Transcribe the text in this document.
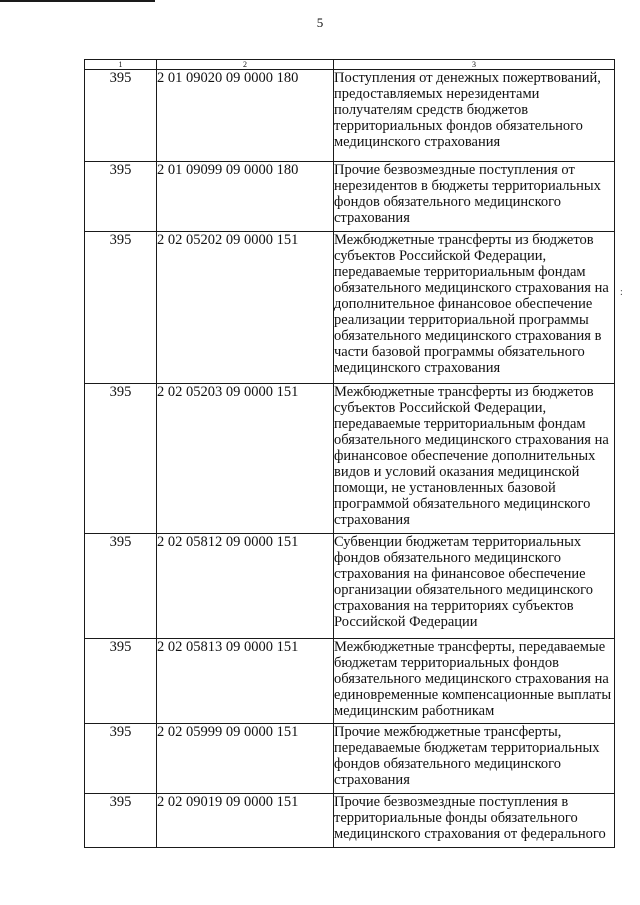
5
:
1	2	3
395	2 01 09020 09 0000 180	Поступления от денежных пожертвований, предоставляемых нерезидентами получателям средств бюджетов территориальных фондов обязательного медицинского страхования
395	2 01 09099 09 0000 180	Прочие безвозмездные поступления от нерезидентов в бюджеты территориальных фондов обязательного медицинского страхования
395	2 02 05202 09 0000 151	Межбюджетные трансферты из бюджетов субъектов Российской Федерации, передаваемые территориальным фондам обязательного медицинского страхования на дополнительное финансовое обеспечение реализации территориальной программы обязательного медицинского страхования в части базовой программы обязательного медицинского страхования
395	2 02 05203 09 0000 151	Межбюджетные трансферты из бюджетов субъектов Российской Федерации, передаваемые территориальным фондам обязательного медицинского страхования на финансовое обеспечение дополнительных видов и условий оказания медицинской помощи, не установленных базовой программой обязательного медицинского страхования
395	2 02 05812 09 0000 151	Субвенции бюджетам территориальных фондов обязательного медицинского страхования на финансовое обеспечение организации обязательного медицинского страхования на территориях субъектов Российской Федерации
395	2 02 05813 09 0000 151	Межбюджетные трансферты, передаваемые бюджетам территориальных фондов обязательного медицинского страхования на единовременные компенсационные выплаты медицинским работникам
395	2 02 05999 09 0000 151	Прочие межбюджетные трансферты, передаваемые бюджетам территориальных фондов обязательного медицинского страхования
395	2 02 09019 09 0000 151	Прочие безвозмездные поступления в территориальные фонды обязательного медицинского страхования от федерального
